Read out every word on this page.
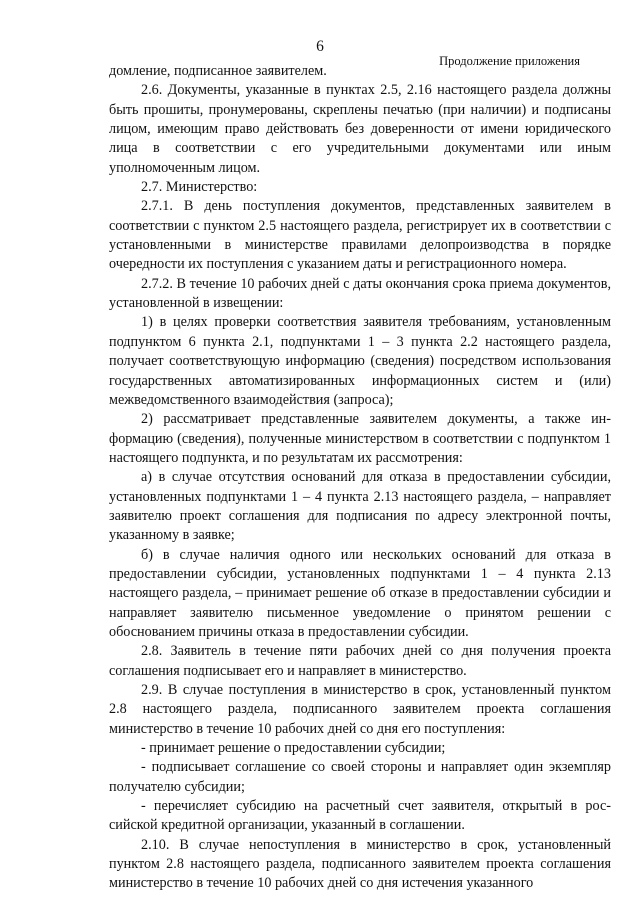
6
Продолжение приложения

домление, подписанное заявителем.

2.6. Документы, указанные в пунктах 2.5, 2.16 настоящего раздела должны быть прошиты, пронумерованы, скреплены печатью (при наличии) и подписаны лицом, имеющим право действовать без доверенности от имени юридического лица в соответствии с его учредительными документами или иным уполномоченным лицом.

2.7. Министерство:

2.7.1. В день поступления документов, представленных заявителем в соответствии с пунктом 2.5 настоящего раздела, регистрирует их в соответствии с установленными в министерстве правилами делопроизводства в порядке очередности их поступления с указанием даты и регистрационного номера.

2.7.2. В течение 10 рабочих дней с даты окончания срока приема документов, установленной в извещении:

1) в целях проверки соответствия заявителя требованиям, установленным подпунктом 6 пункта 2.1, подпунктами 1 – 3 пункта 2.2 настоящего раздела, получает соответствующую информацию (сведения) посредством использования государственных автоматизированных информационных систем и (или) межведомственного взаимодействия (запроса);

2) рассматривает представленные заявителем документы, а также информацию (сведения), полученные министерством в соответствии с подпунктом 1 настоящего подпункта, и по результатам их рассмотрения:

а) в случае отсутствия оснований для отказа в предоставлении субсидии, установленных подпунктами 1 – 4 пункта 2.13 настоящего раздела, – направляет заявителю проект соглашения для подписания по адресу электронной почты, указанному в заявке;

б) в случае наличия одного или нескольких оснований для отказа в предоставлении субсидии, установленных подпунктами 1 – 4 пункта 2.13 настоящего раздела, – принимает решение об отказе в предоставлении субсидии и направляет заявителю письменное уведомление о принятом решении с обоснованием причины отказа в предоставлении субсидии.

2.8. Заявитель в течение пяти рабочих дней со дня получения проекта соглашения подписывает его и направляет в министерство.

2.9. В случае поступления в министерство в срок, установленный пунктом 2.8 настоящего раздела, подписанного заявителем проекта соглашения министерство в течение 10 рабочих дней со дня его поступления:

- принимает решение о предоставлении субсидии;

- подписывает соглашение со своей стороны и направляет один экземпляр получателю субсидии;

- перечисляет субсидию на расчетный счет заявителя, открытый в российской кредитной организации, указанный в соглашении.

2.10. В случае непоступления в министерство в срок, установленный пунктом 2.8 настоящего раздела, подписанного заявителем проекта соглашения министерство в течение 10 рабочих дней со дня истечения указанного
